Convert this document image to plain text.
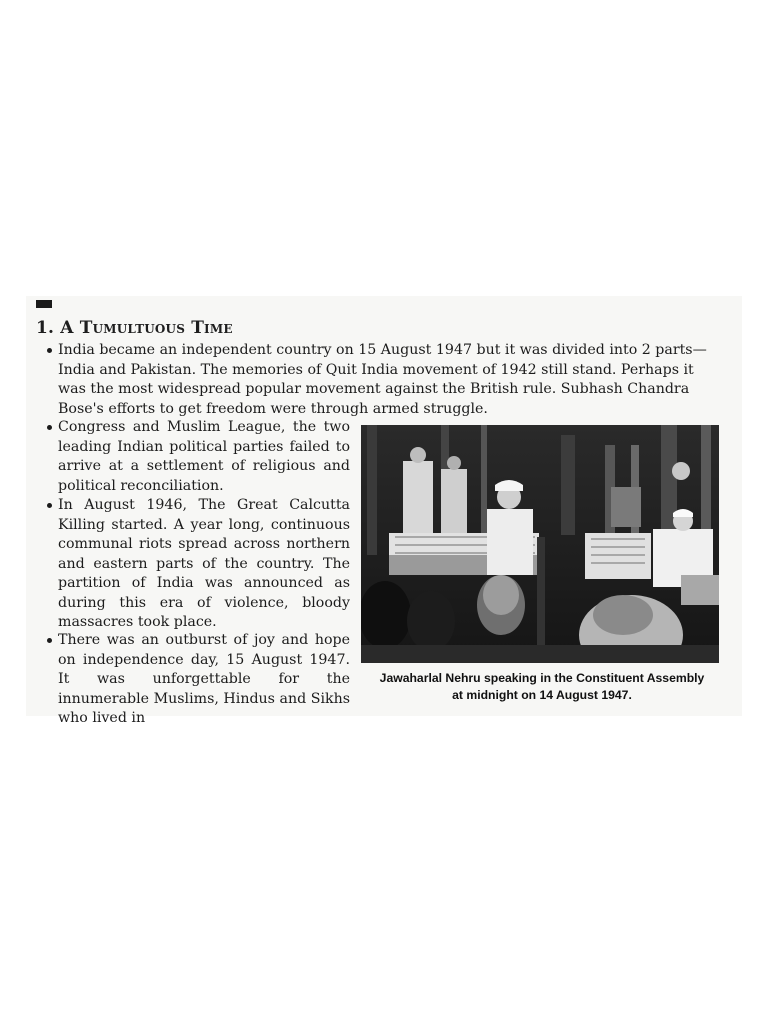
1. A Tumultuous Time
India became an independent country on 15 August 1947 but it was divided into 2 parts—India and Pakistan. The memories of Quit India movement of 1942 still stand. Perhaps it was the most widespread popular movement against the British rule. Subhash Chandra Bose's efforts to get freedom were through armed struggle.
Congress and Muslim League, the two leading Indian political parties failed to arrive at a settlement of religious and political reconciliation.
In August 1946, The Great Calcutta Killing started. A year long, continuous communal riots spread across northern and eastern parts of the country. The partition of India was announced as during this era of violence, bloody massacres took place.
There was an outburst of joy and hope on independence day, 15 August 1947. It was unforgettable for the innumerable Muslims, Hindus and Sikhs who lived in

Jawaharlal Nehru speaking in the Constituent Assembly
at midnight on 14 August 1947.
